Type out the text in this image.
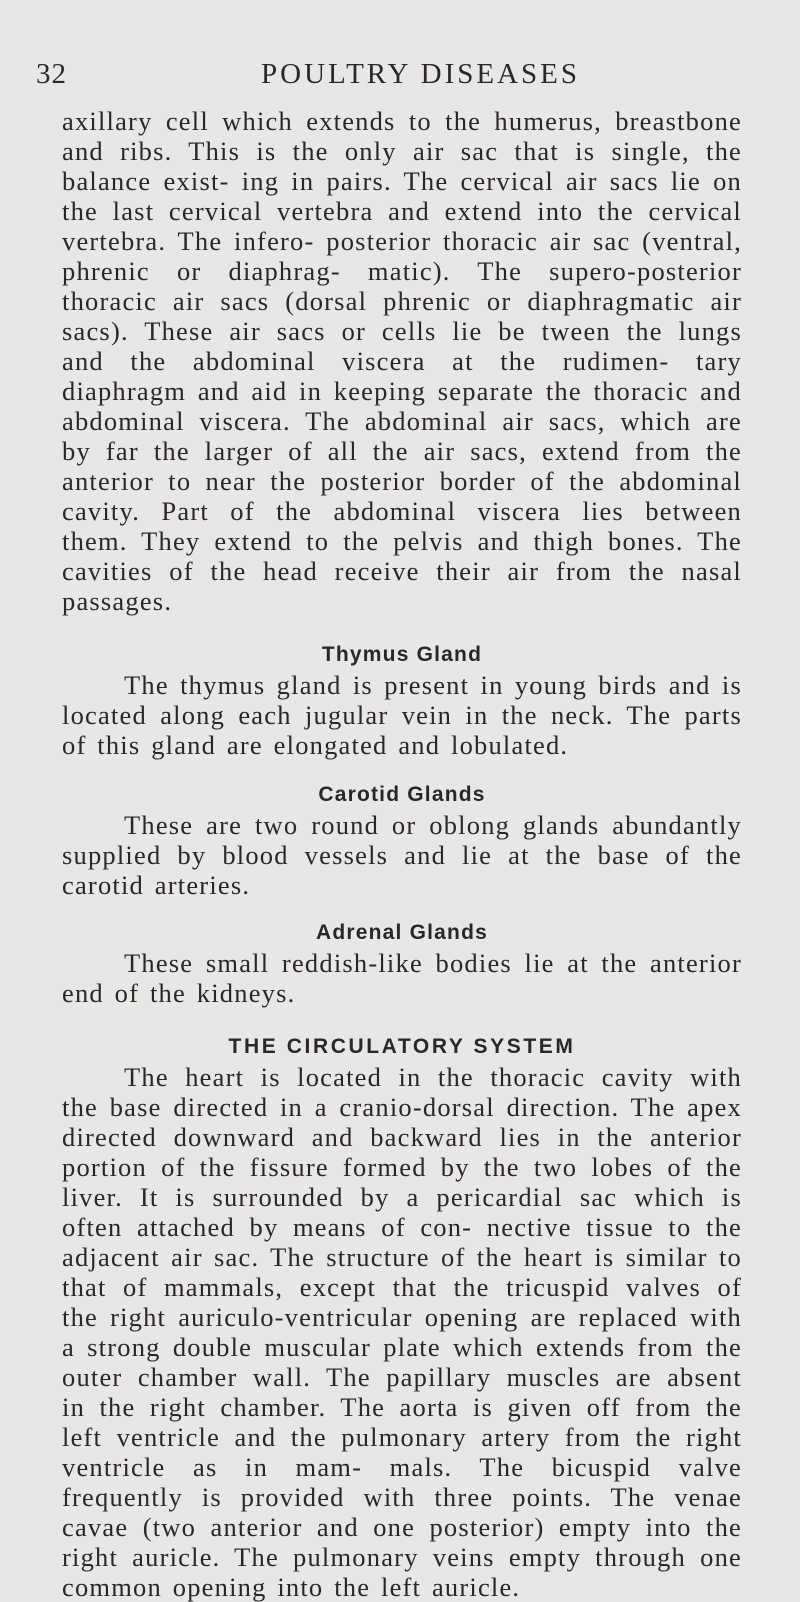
32	POULTRY DISEASES

axillary cell which extends to the humerus, breastbone and ribs. This is the only air sac that is single, the balance exist- ing in pairs. The cervical air sacs lie on the last cervical vertebra and extend into the cervical vertebra. The infero- posterior thoracic air sac (ventral, phrenic or diaphrag- matic). The supero-posterior thoracic air sacs (dorsal phrenic or diaphragmatic air sacs). These air sacs or cells lie be tween the lungs and the abdominal viscera at the rudimen- tary diaphragm and aid in keeping separate the thoracic and abdominal viscera. The abdominal air sacs, which are by far the larger of all the air sacs, extend from the anterior to near the posterior border of the abdominal cavity. Part of the abdominal viscera lies between them. They extend to the pelvis and thigh bones. The cavities of the head receive their air from the nasal passages.

Thymus Gland

The thymus gland is present in young birds and is located along each jugular vein in the neck. The parts of this gland are elongated and lobulated.

Carotid Glands

These are two round or oblong glands abundantly supplied by blood vessels and lie at the base of the carotid arteries.

Adrenal Glands

These small reddish-like bodies lie at the anterior end of the kidneys.

THE CIRCULATORY SYSTEM

The heart is located in the thoracic cavity with the base directed in a cranio-dorsal direction. The apex directed downward and backward lies in the anterior portion of the fissure formed by the two lobes of the liver. It is surrounded by a pericardial sac which is often attached by means of con- nective tissue to the adjacent air sac. The structure of the heart is similar to that of mammals, except that the tricuspid valves of the right auriculo-ventricular opening are replaced with a strong double muscular plate which extends from the outer chamber wall. The papillary muscles are absent in the right chamber. The aorta is given off from the left ventricle and the pulmonary artery from the right ventricle as in mam- mals. The bicuspid valve frequently is provided with three points. The venae cavae (two anterior and one posterior) empty into the right auricle. The pulmonary veins empty through one common opening into the left auricle.
